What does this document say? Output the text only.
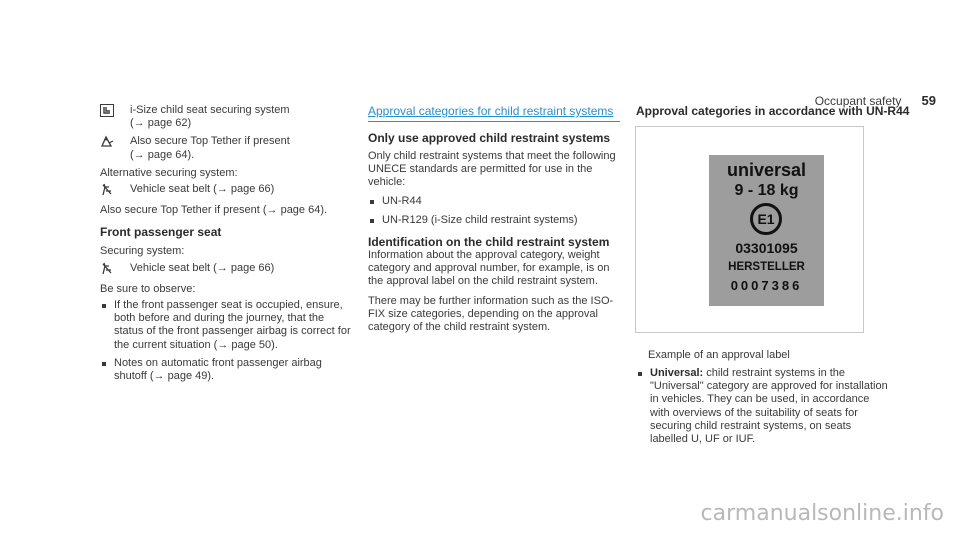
Occupant safety 59
i-Size child seat securing system
(→ page 62)
Also secure Top Tether if present
(→ page 64).
Alternative securing system:
Vehicle seat belt (→ page 66)
Also secure Top Tether if present (→ page 64).
Front passenger seat
Securing system:
Vehicle seat belt (→ page 66)
Be sure to observe:
If the front passenger seat is occupied, ensure, both before and during the journey, that the status of the front passenger airbag is correct for the current situation (→ page 50).
Notes on automatic front passenger airbag shutoff (→ page 49).
Approval categories for child restraint systems
Only use approved child restraint systems
Only child restraint systems that meet the following UNECE standards are permitted for use in the vehicle:
UN-R44
UN-R129 (i-Size child restraint systems)
Identification on the child restraint system
Information about the approval category, weight category and approval number, for example, is on the approval label on the child restraint system.
There may be further information such as the ISO-FIX size categories, depending on the approval category of the child restraint system.
Approval categories in accordance with UN-R44
universal
9 - 18 kg
E1
03301095
HERSTELLER
0007386
Example of an approval label
Universal: child restraint systems in the "Universal" category are approved for installation in vehicles. They can be used, in accordance with overviews of the suitability of seats for securing child restraint systems, on seats labelled U, UF or IUF.
carmanualsonline.info
